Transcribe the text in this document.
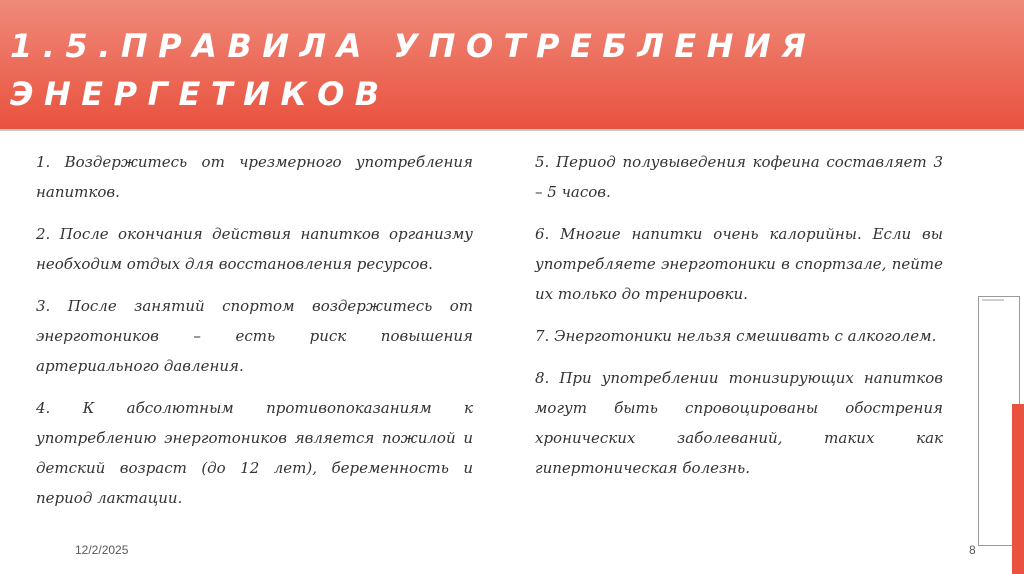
1.5.ПРАВИЛА УПОТРЕБЛЕНИЯ
ЭНЕРГЕТИКОВ

1. Воздержитесь от чрезмерного употребления напитков.

2. После окончания действия напитков организму необходим отдых для восстановления ресурсов.

3. После занятий спортом воздержитесь от энерготоников – есть риск повышения артериального давления.

4. К абсолютным противопоказаниям к употреблению энерготоников является пожилой и детский возраст (до 12 лет), беременность и период лактации.

5. Период полувыведения кофеина составляет 3 – 5 часов.

6. Многие напитки очень калорийны. Если вы употребляете энерготоники в спортзале, пейте их только до тренировки.

7. Энерготоники нельзя смешивать с алкоголем.

8. При употреблении тонизирующих напитков могут быть спровоцированы обострения хронических заболеваний, таких как гипертоническая болезнь.

12/2/2025	8
